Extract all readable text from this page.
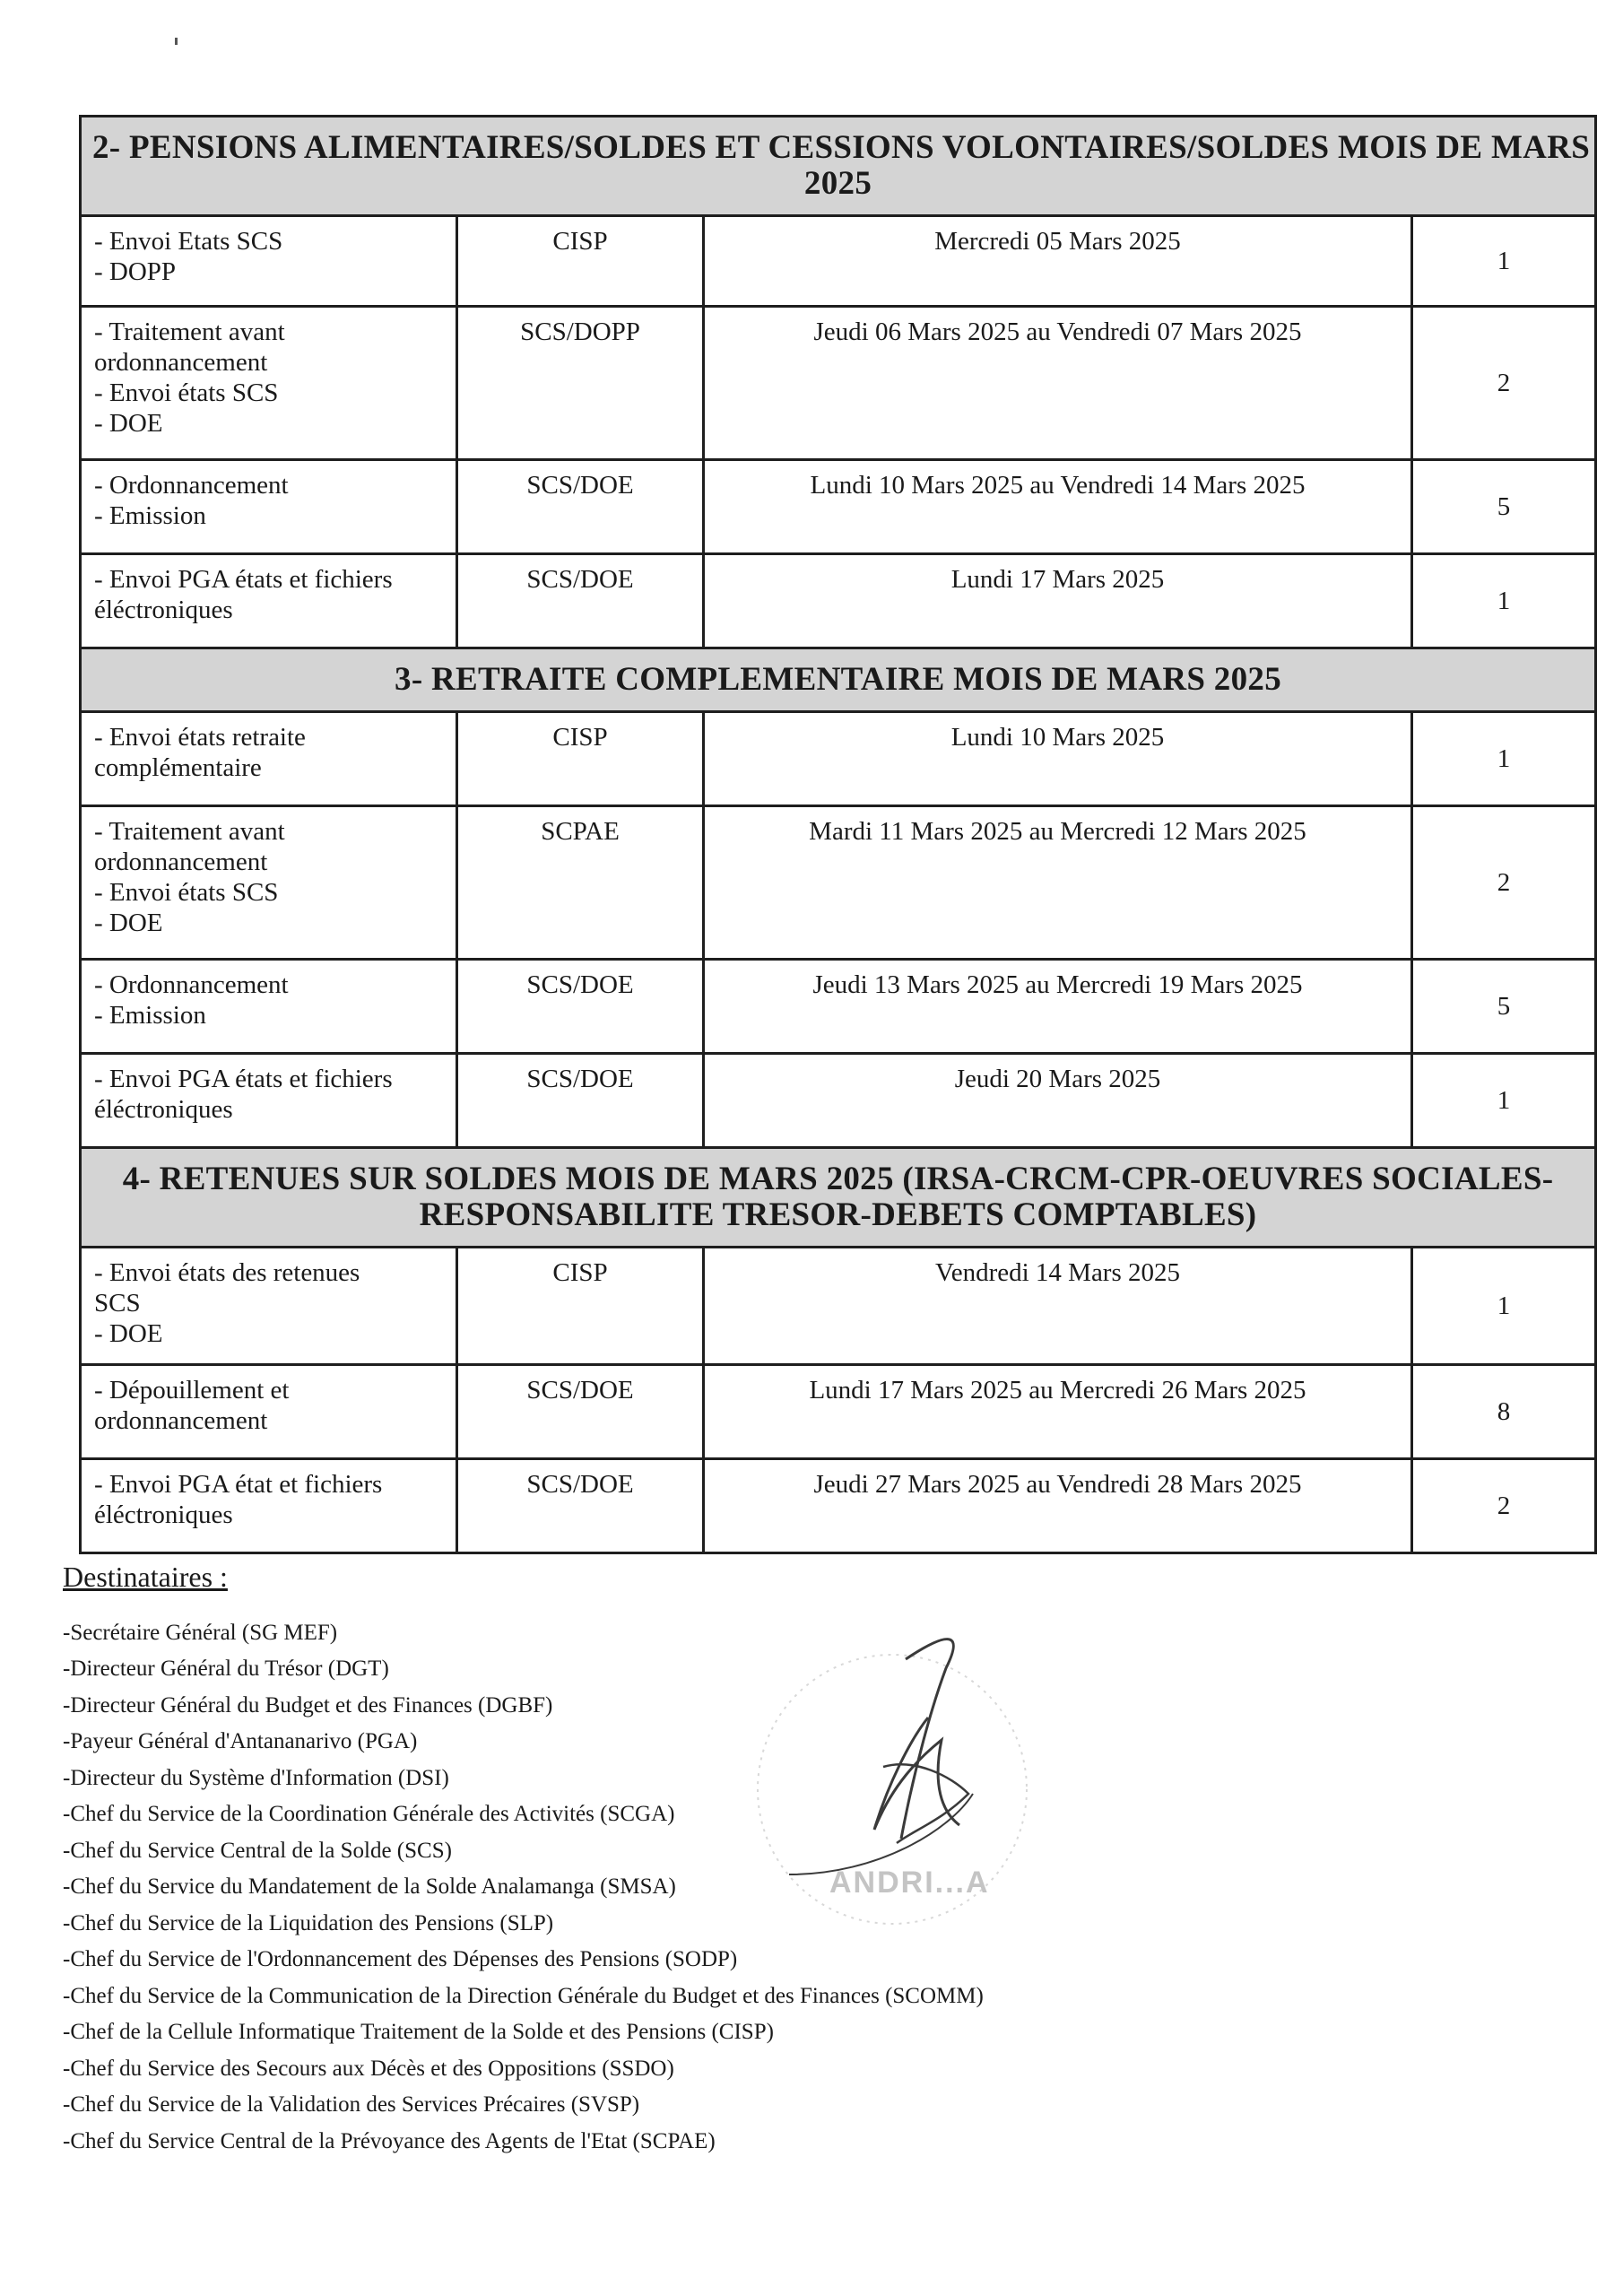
2- PENSIONS ALIMENTAIRES/SOLDES ET CESSIONS VOLONTAIRES/SOLDES MOIS DE MARS
2025			

- Envoi Etats SCS
- DOPP	CISP	Mercredi 05 Mars 2025	1

- Traitement avant
ordonnancement
- Envoi états SCS
- DOE	SCS/DOPP	Jeudi 06 Mars 2025 au Vendredi 07 Mars 2025	2

- Ordonnancement
- Emission	SCS/DOE	Lundi 10 Mars 2025 au Vendredi 14 Mars 2025	5

- Envoi PGA états et fichiers
éléctroniques	SCS/DOE	Lundi 17 Mars 2025	1

3- RETRAITE COMPLEMENTAIRE MOIS DE MARS 2025			

- Envoi états retraite
complémentaire	CISP	Lundi 10 Mars 2025	1

- Traitement avant
ordonnancement
- Envoi états SCS
- DOE	SCPAE	Mardi 11 Mars 2025 au Mercredi 12 Mars 2025	2

- Ordonnancement
- Emission	SCS/DOE	Jeudi 13 Mars 2025 au Mercredi 19 Mars 2025	5

- Envoi PGA états et fichiers
éléctroniques	SCS/DOE	Jeudi 20 Mars 2025	1

4- RETENUES SUR SOLDES MOIS DE MARS 2025 (IRSA-CRCM-CPR-OEUVRES SOCIALES-
RESPONSABILITE TRESOR-DEBETS COMPTABLES)			

- Envoi états des retenues
SCS
- DOE	CISP	Vendredi 14 Mars 2025	1

- Dépouillement et
ordonnancement	SCS/DOE	Lundi 17 Mars 2025 au Mercredi 26 Mars 2025	8

- Envoi PGA état et fichiers
éléctroniques	SCS/DOE	Jeudi 27 Mars 2025 au Vendredi 28 Mars 2025	2
Destinataires :
-Secrétaire Général (SG MEF)
-Directeur Général du Trésor (DGT)
-Directeur Général du Budget et des Finances (DGBF)
-Payeur Général d'Antananarivo (PGA)
-Directeur du Système d'Information (DSI)
-Chef du Service de la Coordination Générale des Activités (SCGA)
-Chef du Service Central de la Solde (SCS)
-Chef du Service du Mandatement de la Solde Analamanga (SMSA)
-Chef du Service de la Liquidation des Pensions (SLP)
-Chef du Service de l'Ordonnancement des Dépenses des Pensions (SODP)
-Chef du Service de la Communication de la Direction Générale du Budget et des Finances (SCOMM)
-Chef de la Cellule Informatique Traitement de la Solde et des Pensions (CISP)
-Chef du Service des Secours aux Décès et des Oppositions (SSDO)
-Chef du Service de la Validation des Services Précaires (SVSP)
-Chef du Service Central de la Prévoyance des Agents de l'Etat (SCPAE)
ANDRI...A
